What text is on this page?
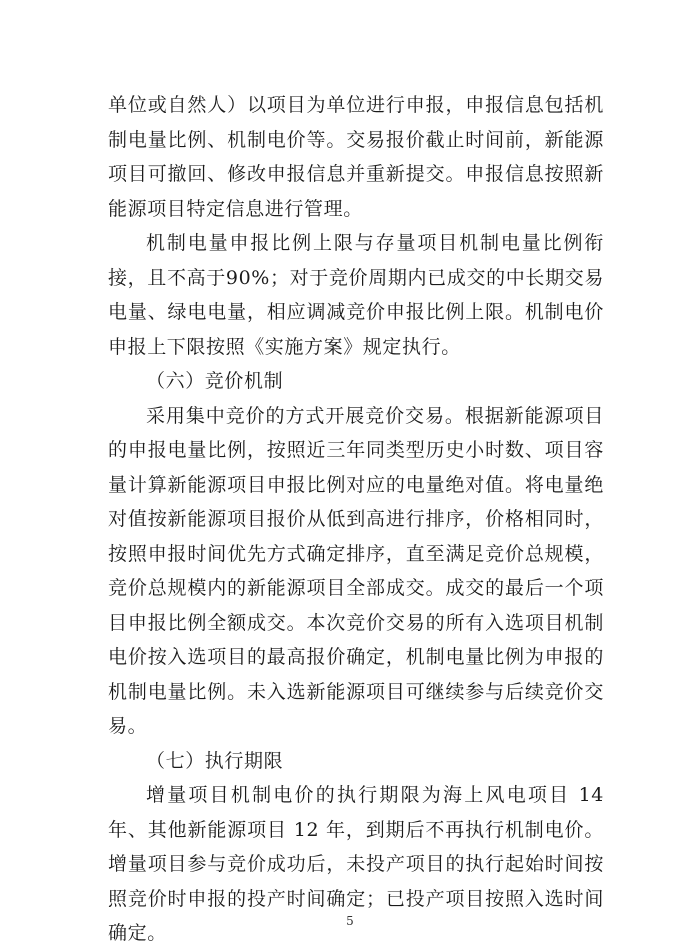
单位或自然人）以项目为单位进行申报，申报信息包括机制电量比例、机制电价等。交易报价截止时间前，新能源项目可撤回、修改申报信息并重新提交。申报信息按照新能源项目特定信息进行管理。

机制电量申报比例上限与存量项目机制电量比例衔接，且不高于90%；对于竞价周期内已成交的中长期交易电量、绿电电量，相应调减竞价申报比例上限。机制电价申报上下限按照《实施方案》规定执行。

（六）竞价机制

采用集中竞价的方式开展竞价交易。根据新能源项目的申报电量比例，按照近三年同类型历史小时数、项目容量计算新能源项目申报比例对应的电量绝对值。将电量绝对值按新能源项目报价从低到高进行排序，价格相同时，按照申报时间优先方式确定排序，直至满足竞价总规模，竞价总规模内的新能源项目全部成交。成交的最后一个项目申报比例全额成交。本次竞价交易的所有入选项目机制电价按入选项目的最高报价确定，机制电量比例为申报的机制电量比例。未入选新能源项目可继续参与后续竞价交易。

（七）执行期限

增量项目机制电价的执行期限为海上风电项目 14 年、其他新能源项目 12 年，到期后不再执行机制电价。增量项目参与竞价成功后，未投产项目的执行起始时间按照竞价时申报的投产时间确定；已投产项目按照入选时间确定。

5
